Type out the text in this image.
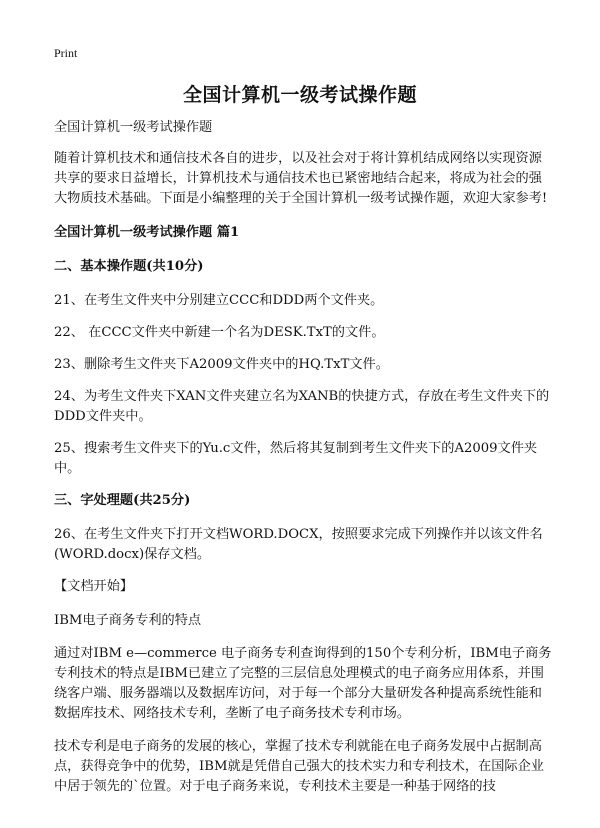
Print
全国计算机一级考试操作题

全国计算机一级考试操作题

随着计算机技术和通信技术各自的进步，以及社会对于将计算机结成网络以实现资源共享的要求日益增长，计算机技术与通信技术也已紧密地结合起来，将成为社会的强大物质技术基础。下面是小编整理的关于全国计算机一级考试操作题，欢迎大家参考!

全国计算机一级考试操作题 篇1
二、基本操作题(共10分)

21、在考生文件夹中分别建立CCC和DDD两个文件夹。

22、 在CCC文件夹中新建一个名为DESK.TxT的文件。

23、删除考生文件夹下A2009文件夹中的HQ.TxT文件。

24、为考生文件夹下XAN文件夹建立名为XANB的快捷方式，存放在考生文件夹下的DDD文件夹中。

25、搜索考生文件夹下的Yu.c文件，然后将其复制到考生文件夹下的A2009文件夹中。

三、字处理题(共25分)

26、在考生文件夹下打开文档WORD.DOCX，按照要求完成下列操作并以该文件名(WORD.docx)保存文档。

【文档开始】

IBM电子商务专利的特点

通过对IBM e—commerce 电子商务专利查询得到的150个专利分析，IBM电子商务专利技术的特点是IBM已建立了完整的三层信息处理模式的电子商务应用体系，并围绕客户端、服务器端以及数据库访问，对于每一个部分大量研发各种提高系统性能和数据库技术、网络技术专利，垄断了电子商务技术专利市场。

技术专利是电子商务的发展的核心，掌握了技术专利就能在电子商务发展中占据制高点，获得竞争中的优势，IBM就是凭借自己强大的技术实力和专利技术，在国际企业中居于领先的`位置。对于电子商务来说，专利技术主要是一种基于网络的技
